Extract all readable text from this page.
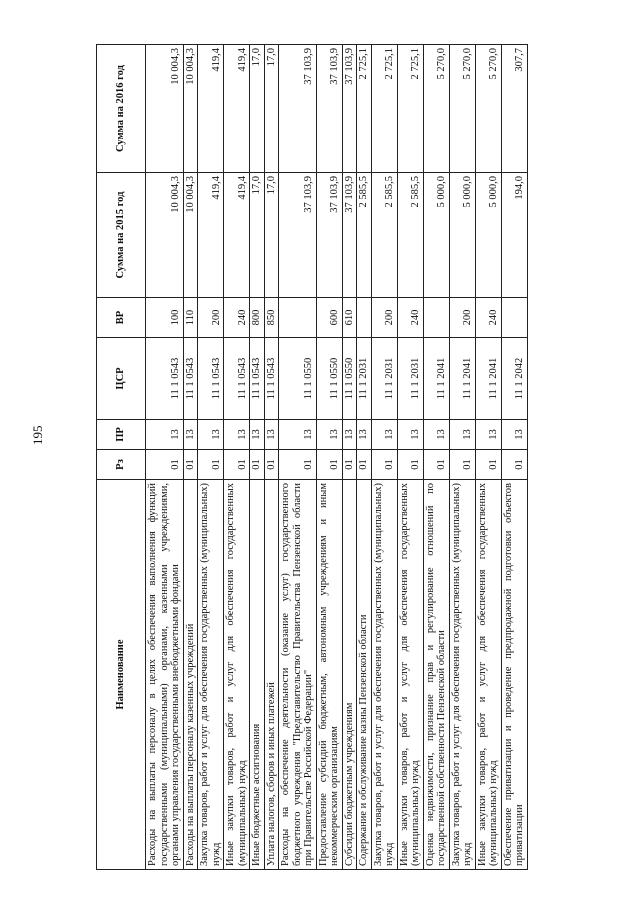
195
Наименование	Рз	ПР	ЦСР	ВР	Сумма на 2015 год	Сумма на 2016 год
Расходы на выплаты персоналу в целях обеспечения выполнения функций государственными (муниципальными) органами, казенными учреждениями, органами управления государственными внебюджетными фондами	01	13	11 1 0543	100	10 004,3	10 004,3
Расходы на выплаты персоналу казенных учреждений	01	13	11 1 0543	110	10 004,3	10 004,3
Закупка товаров, работ и услуг для обеспечения государственных (муниципальных) нужд	01	13	11 1 0543	200	419,4	419,4
Иные закупки товаров, работ и услуг для обеспечения государственных (муниципальных) нужд	01	13	11 1 0543	240	419,4	419,4
Иные бюджетные ассигнования	01	13	11 1 0543	800	17,0	17,0
Уплата налогов, сборов и иных платежей	01	13	11 1 0543	850	17,0	17,0
Расходы на обеспечение деятельности (оказание услуг) государственного бюджетного учреждения "Представительство Правительства Пензенской области при Правительстве Российской Федерации"	01	13	11 1 0550		37 103,9	37 103,9
Предоставление субсидий бюджетным, автономным учреждениям и иным некоммерческим организациям	01	13	11 1 0550	600	37 103,9	37 103,9
Субсидии бюджетным учреждениям	01	13	11 1 0550	610	37 103,9	37 103,9
Содержание и обслуживание казны Пензенской области	01	13	11 1 2031		2 585,5	2 725,1
Закупка товаров, работ и услуг для обеспечения государственных (муниципальных) нужд	01	13	11 1 2031	200	2 585,5	2 725,1
Иные закупки товаров, работ и услуг для обеспечения государственных (муниципальных) нужд	01	13	11 1 2031	240	2 585,5	2 725,1
Оценка недвижимости, признание прав и регулирование отношений по государственной собственности Пензенской области	01	13	11 1 2041		5 000,0	5 270,0
Закупка товаров, работ и услуг для обеспечения государственных (муниципальных) нужд	01	13	11 1 2041	200	5 000,0	5 270,0
Иные закупки товаров, работ и услуг для обеспечения государственных (муниципальных) нужд	01	13	11 1 2041	240	5 000,0	5 270,0
Обеспечение приватизации и проведение предпродажной подготовки объектов приватизации	01	13	11 1 2042		194,0	307,7
